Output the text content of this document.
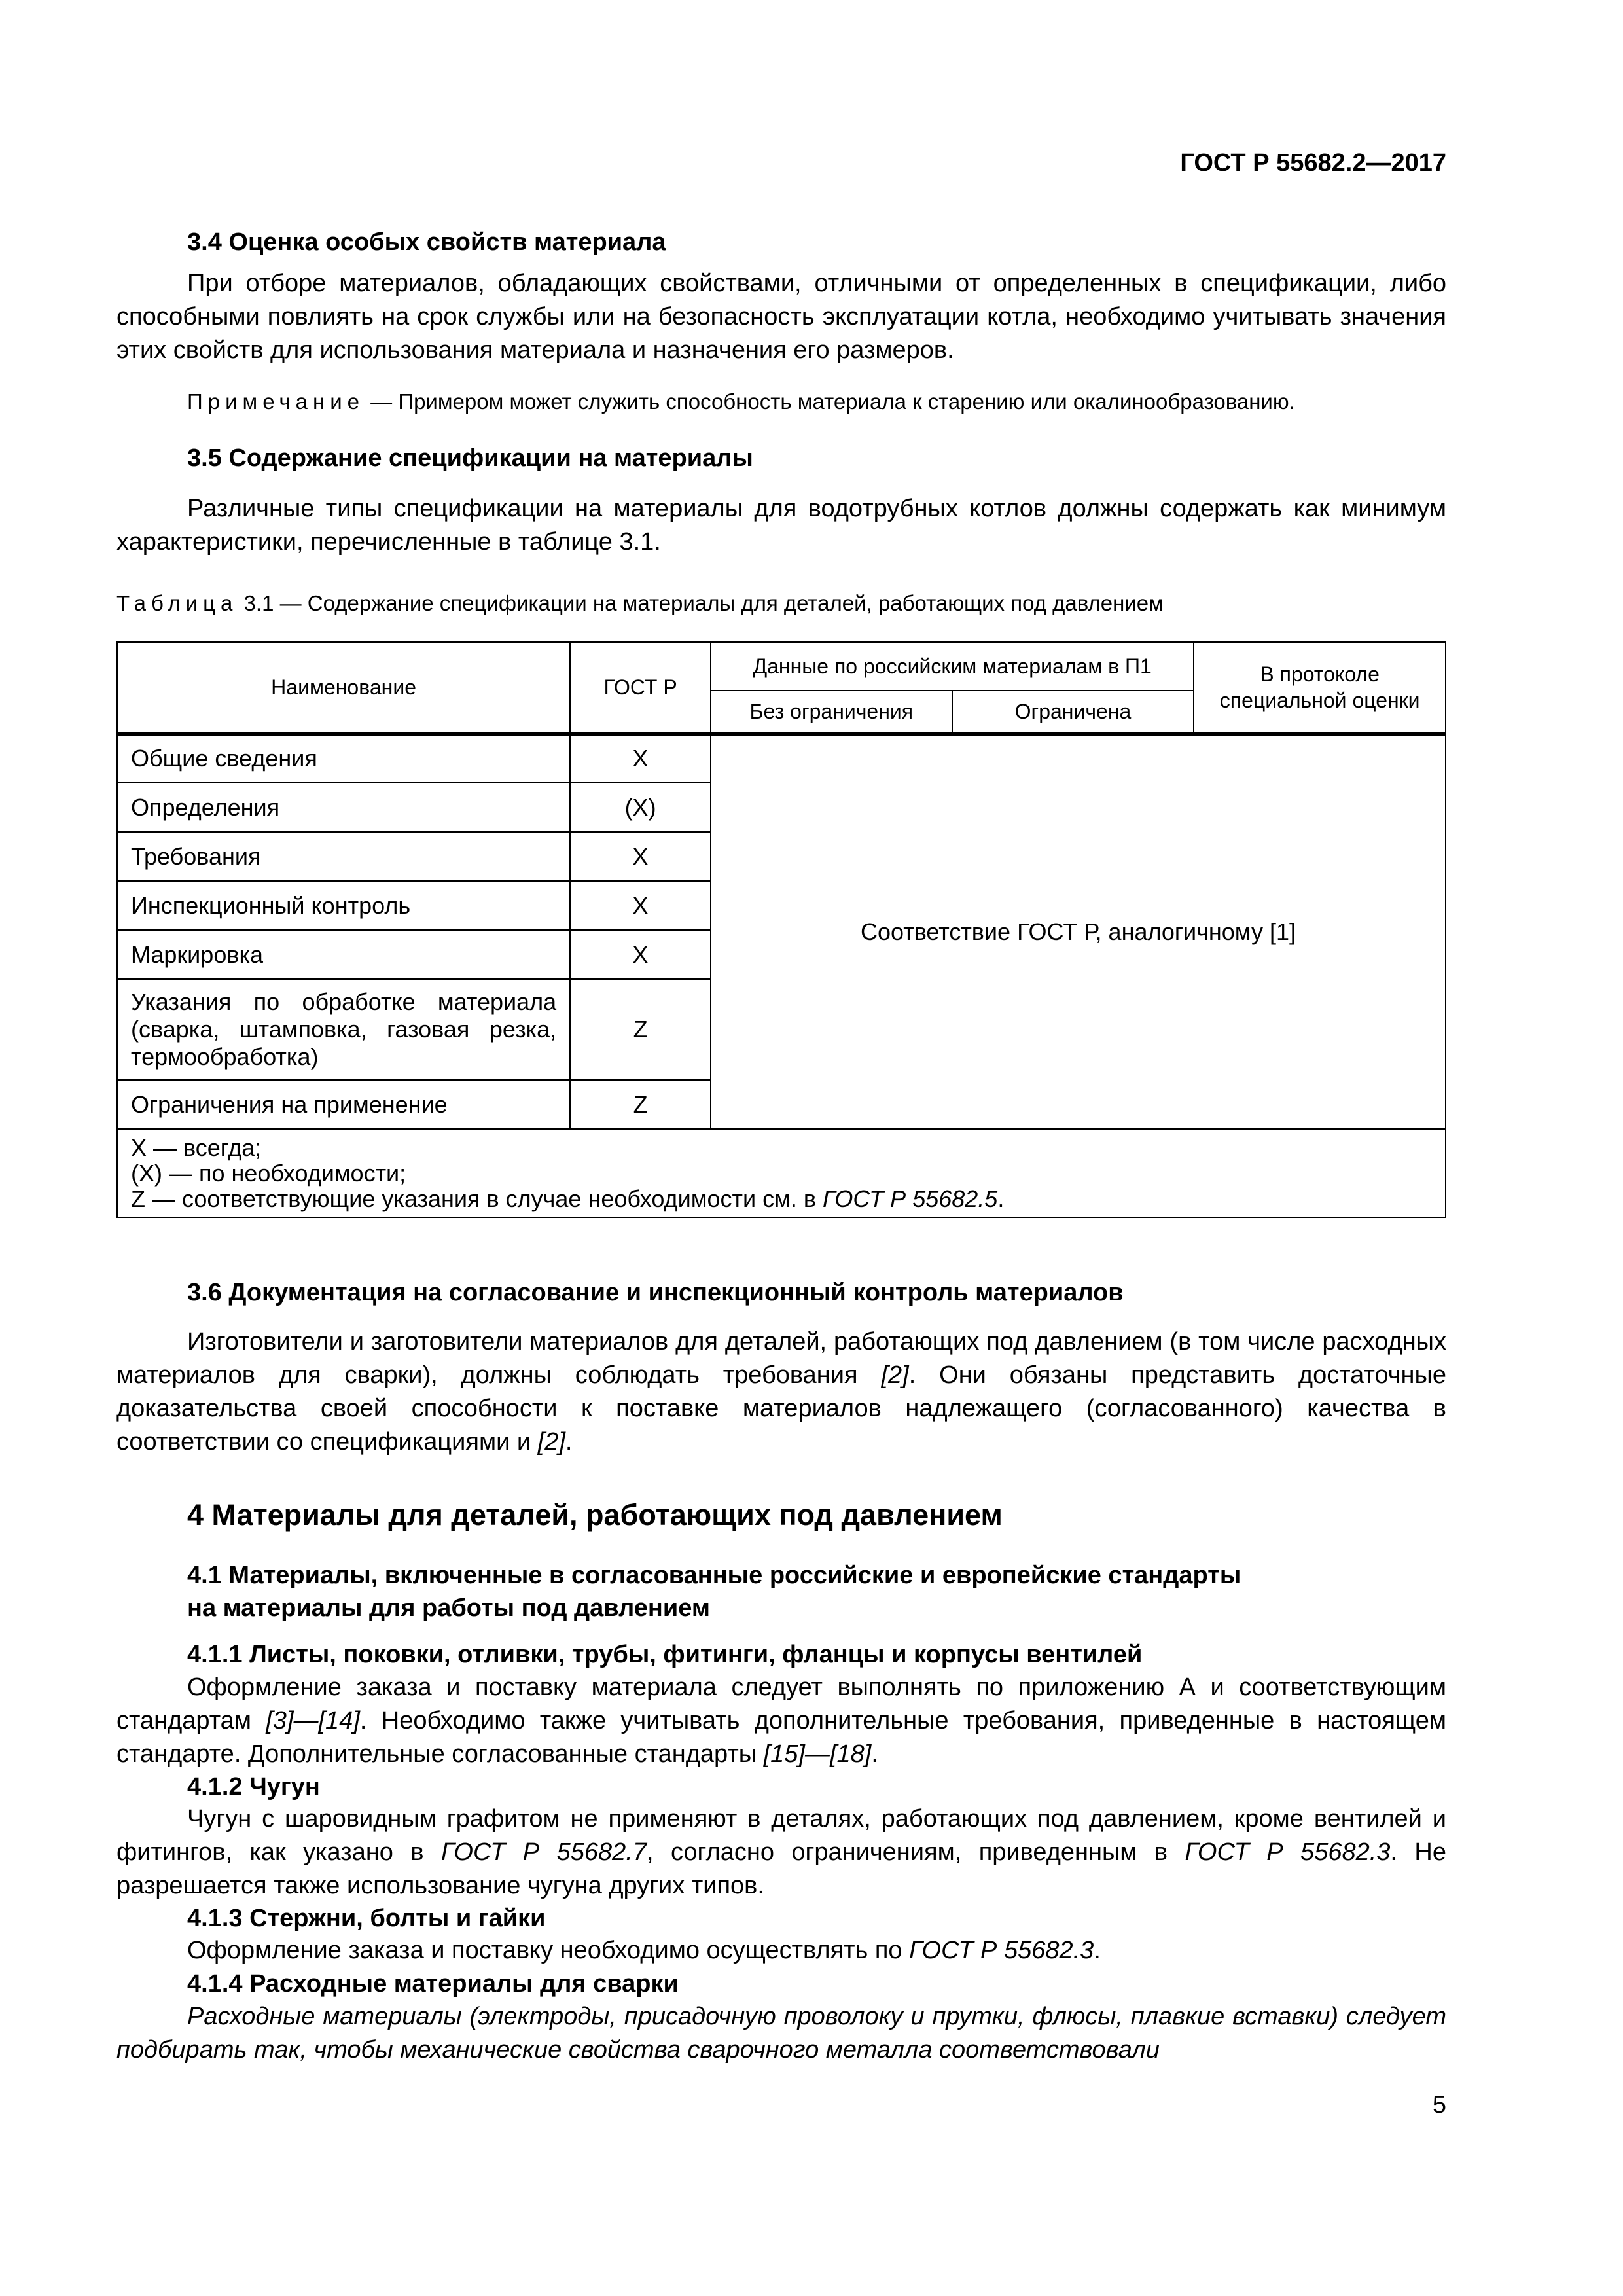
ГОСТ Р 55682.2—2017
3.4 Оценка особых свойств материала

При отборе материалов, обладающих свойствами, отличными от определенных в спецификации, либо способными повлиять на срок службы или на безопасность эксплуатации котла, необходимо учитывать значения этих свойств для использования материала и назначения его размеров.

Примечание — Примером может служить способность материала к старению или окалинообразованию.
3.5 Содержание спецификации на материалы

Различные типы спецификации на материалы для водотрубных котлов должны содержать как минимум характеристики, перечисленные в таблице 3.1.

Таблица 3.1 — Содержание спецификации на материалы для деталей, работающих под давлением
Наименование	ГОСТ Р	Данные по российским материалам в П1		В протоколе специальной оценки
		Без ограничения	Ограничена	
Общие сведения	X	Соответствие ГОСТ Р, аналогичному [1]		
Определения	(X)			
Требования	X			
Инспекционный контроль	X			
Маркировка	X			
Указания по обработке материала (сварка, штамповка, газовая резка, термообработка)	Z			
Ограничения на применение	Z			

X — всегда;
(X) — по необходимости;
Z — соответствующие указания в случае необходимости см. в ГОСТ Р 55682.5.				
3.6 Документация на согласование и инспекционный контроль материалов

Изготовители и заготовители материалов для деталей, работающих под давлением (в том числе расходных материалов для сварки), должны соблюдать требования [2]. Они обязаны представить достаточные доказательства своей способности к поставке материалов надлежащего (согласованного) качества в соответствии со спецификациями и [2].

4 Материалы для деталей, работающих под давлением
4.1 Материалы, включенные в согласованные российские и европейские стандарты
на материалы для работы под давлением
4.1.1 Листы, поковки, отливки, трубы, фитинги, фланцы и корпусы вентилей

Оформление заказа и поставку материала следует выполнять по приложению А и соответствующим стандартам [3]—[14]. Необходимо также учитывать дополнительные требования, приведенные в настоящем стандарте. Дополнительные согласованные стандарты [15]—[18].

4.1.2 Чугун

Чугун с шаровидным графитом не применяют в деталях, работающих под давлением, кроме вентилей и фитингов, как указано в ГОСТ Р 55682.7, согласно ограничениям, приведенным в ГОСТ Р 55682.3. Не разрешается также использование чугуна других типов.

4.1.3 Стержни, болты и гайки

Оформление заказа и поставку необходимо осуществлять по ГОСТ Р 55682.3.

4.1.4 Расходные материалы для сварки

Расходные материалы (электроды, присадочную проволоку и прутки, флюсы, плавкие вставки) следует подбирать так, чтобы механические свойства сварочного металла соответствовали

5
